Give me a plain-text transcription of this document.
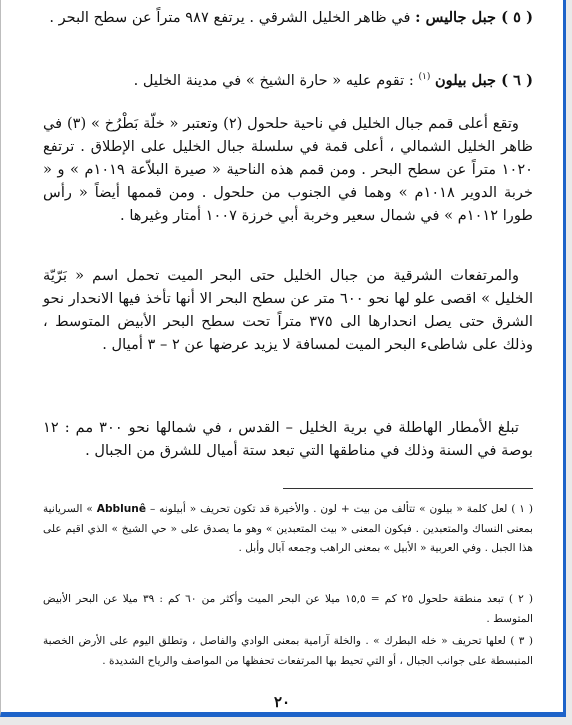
( ٥ ) جبل جاليس : في ظاهر الخليل الشرقي . يرتفع ٩٨٧ متراً عن سطح البحر .
( ٦ ) جبل بيلون $^{(١)}$ : تقوم عليه « حارة الشيخ » في مدينة الخليل .
وتقع أعلى قمم جبال الخليل في ناحية حلحول (٢) وتعتبر « خلّة بَطْرُخ » (٣) في ظاهر الخليل الشمالي ، أعلى قمة في سلسلة جبال الخليل على الإطلاق . ترتفع ١٠٢٠ متراً عن سطح البحر . ومن قمم هذه الناحية « صيرة البلاّعة ١٠١٩م » و « خربة الدوير ١٠١٨م » وهما في الجنوب من حلحول . ومن قممها أيضاً « رأس طورا ١٠١٢م » في شمال سعير وخربة أبي خرزة ١٠٠٧ أمتار وغيرها .
والمرتفعات الشرقية من جبال الخليل حتى البحر الميت تحمل اسم « بَرّيّة الخليل » اقصى علو لها نحو ٦٠٠ متر عن سطح البحر الا أنها تأخذ فيها الانحدار نحو الشرق حتى يصل انحدارها الى ٣٧٥ متراً تحت سطح البحر الأبيض المتوسط ، وذلك على شاطىء البحر الميت لمسافة لا يزيد عرضها عن ٢ – ٣ أميال .
تبلغ الأمطار الهاطلة في برية الخليل – القدس ، في شمالها نحو ٣٠٠ مم : ١٢ بوصة في السنة وذلك في مناطقها التي تبعد ستة أميال للشرق من الجبال .
( ١ ) لعل كلمة « بيلون » تتألف من بيت + لون . والأخيرة قد تكون تحريف « أبيلونه – Abblunê » السريانية بمعنى النساك والمتعبدين . فيكون المعنى « بيت المتعبدين » وهو ما يصدق على « حي الشيخ » الذي اقيم على هذا الجبل . وفي العربية « الأبيل » بمعنى الراهب وجمعه آبال وأبل .
( ٢ ) تبعد منطقة حلحول ٢٥ كم = ١٥,٥ ميلا عن البحر الميت وأكثر من ٦٠ كم : ٣٩ ميلا عن البحر الأبيض المتوسط .
( ٣ ) لعلها تحريف « خله البطرك » . والخلة آرامية بمعنى الوادي والفاصل ، وتطلق اليوم على الأرض الخصبة المنبسطة على جوانب الجبال ، أو التي تحيط بها المرتفعات تحفظها من المواصف والرياح الشديدة .
٢٠
